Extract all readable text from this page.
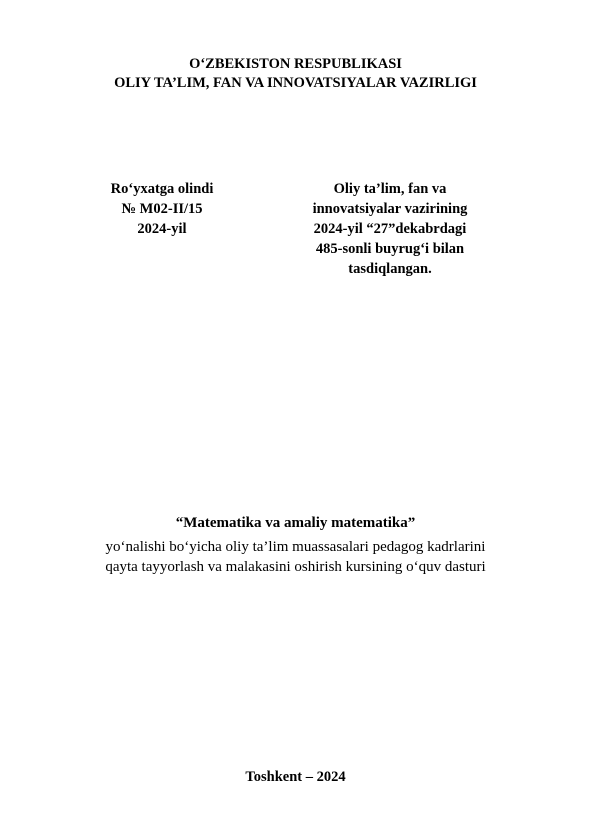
O‘ZBEKISTON RESPUBLIKASI
OLIY TA’LIM, FAN VA INNOVATSIYALAR VAZIRLIGI
Ro‘yxatga olindi
№ M02-II/15
2024-yil
Oliy ta’lim, fan va
innovatsiyalar vazirining
2024-yil “27”dekabrdagi
485-sonli buyrug‘i bilan
tasdiqlangan.
“Matematika va amaliy matematika”
yo‘nalishi bo‘yicha oliy ta’lim muassasalari pedagog kadrlarini
qayta tayyorlash va malakasini oshirish kursining o‘quv dasturi
Toshkent – 2024
